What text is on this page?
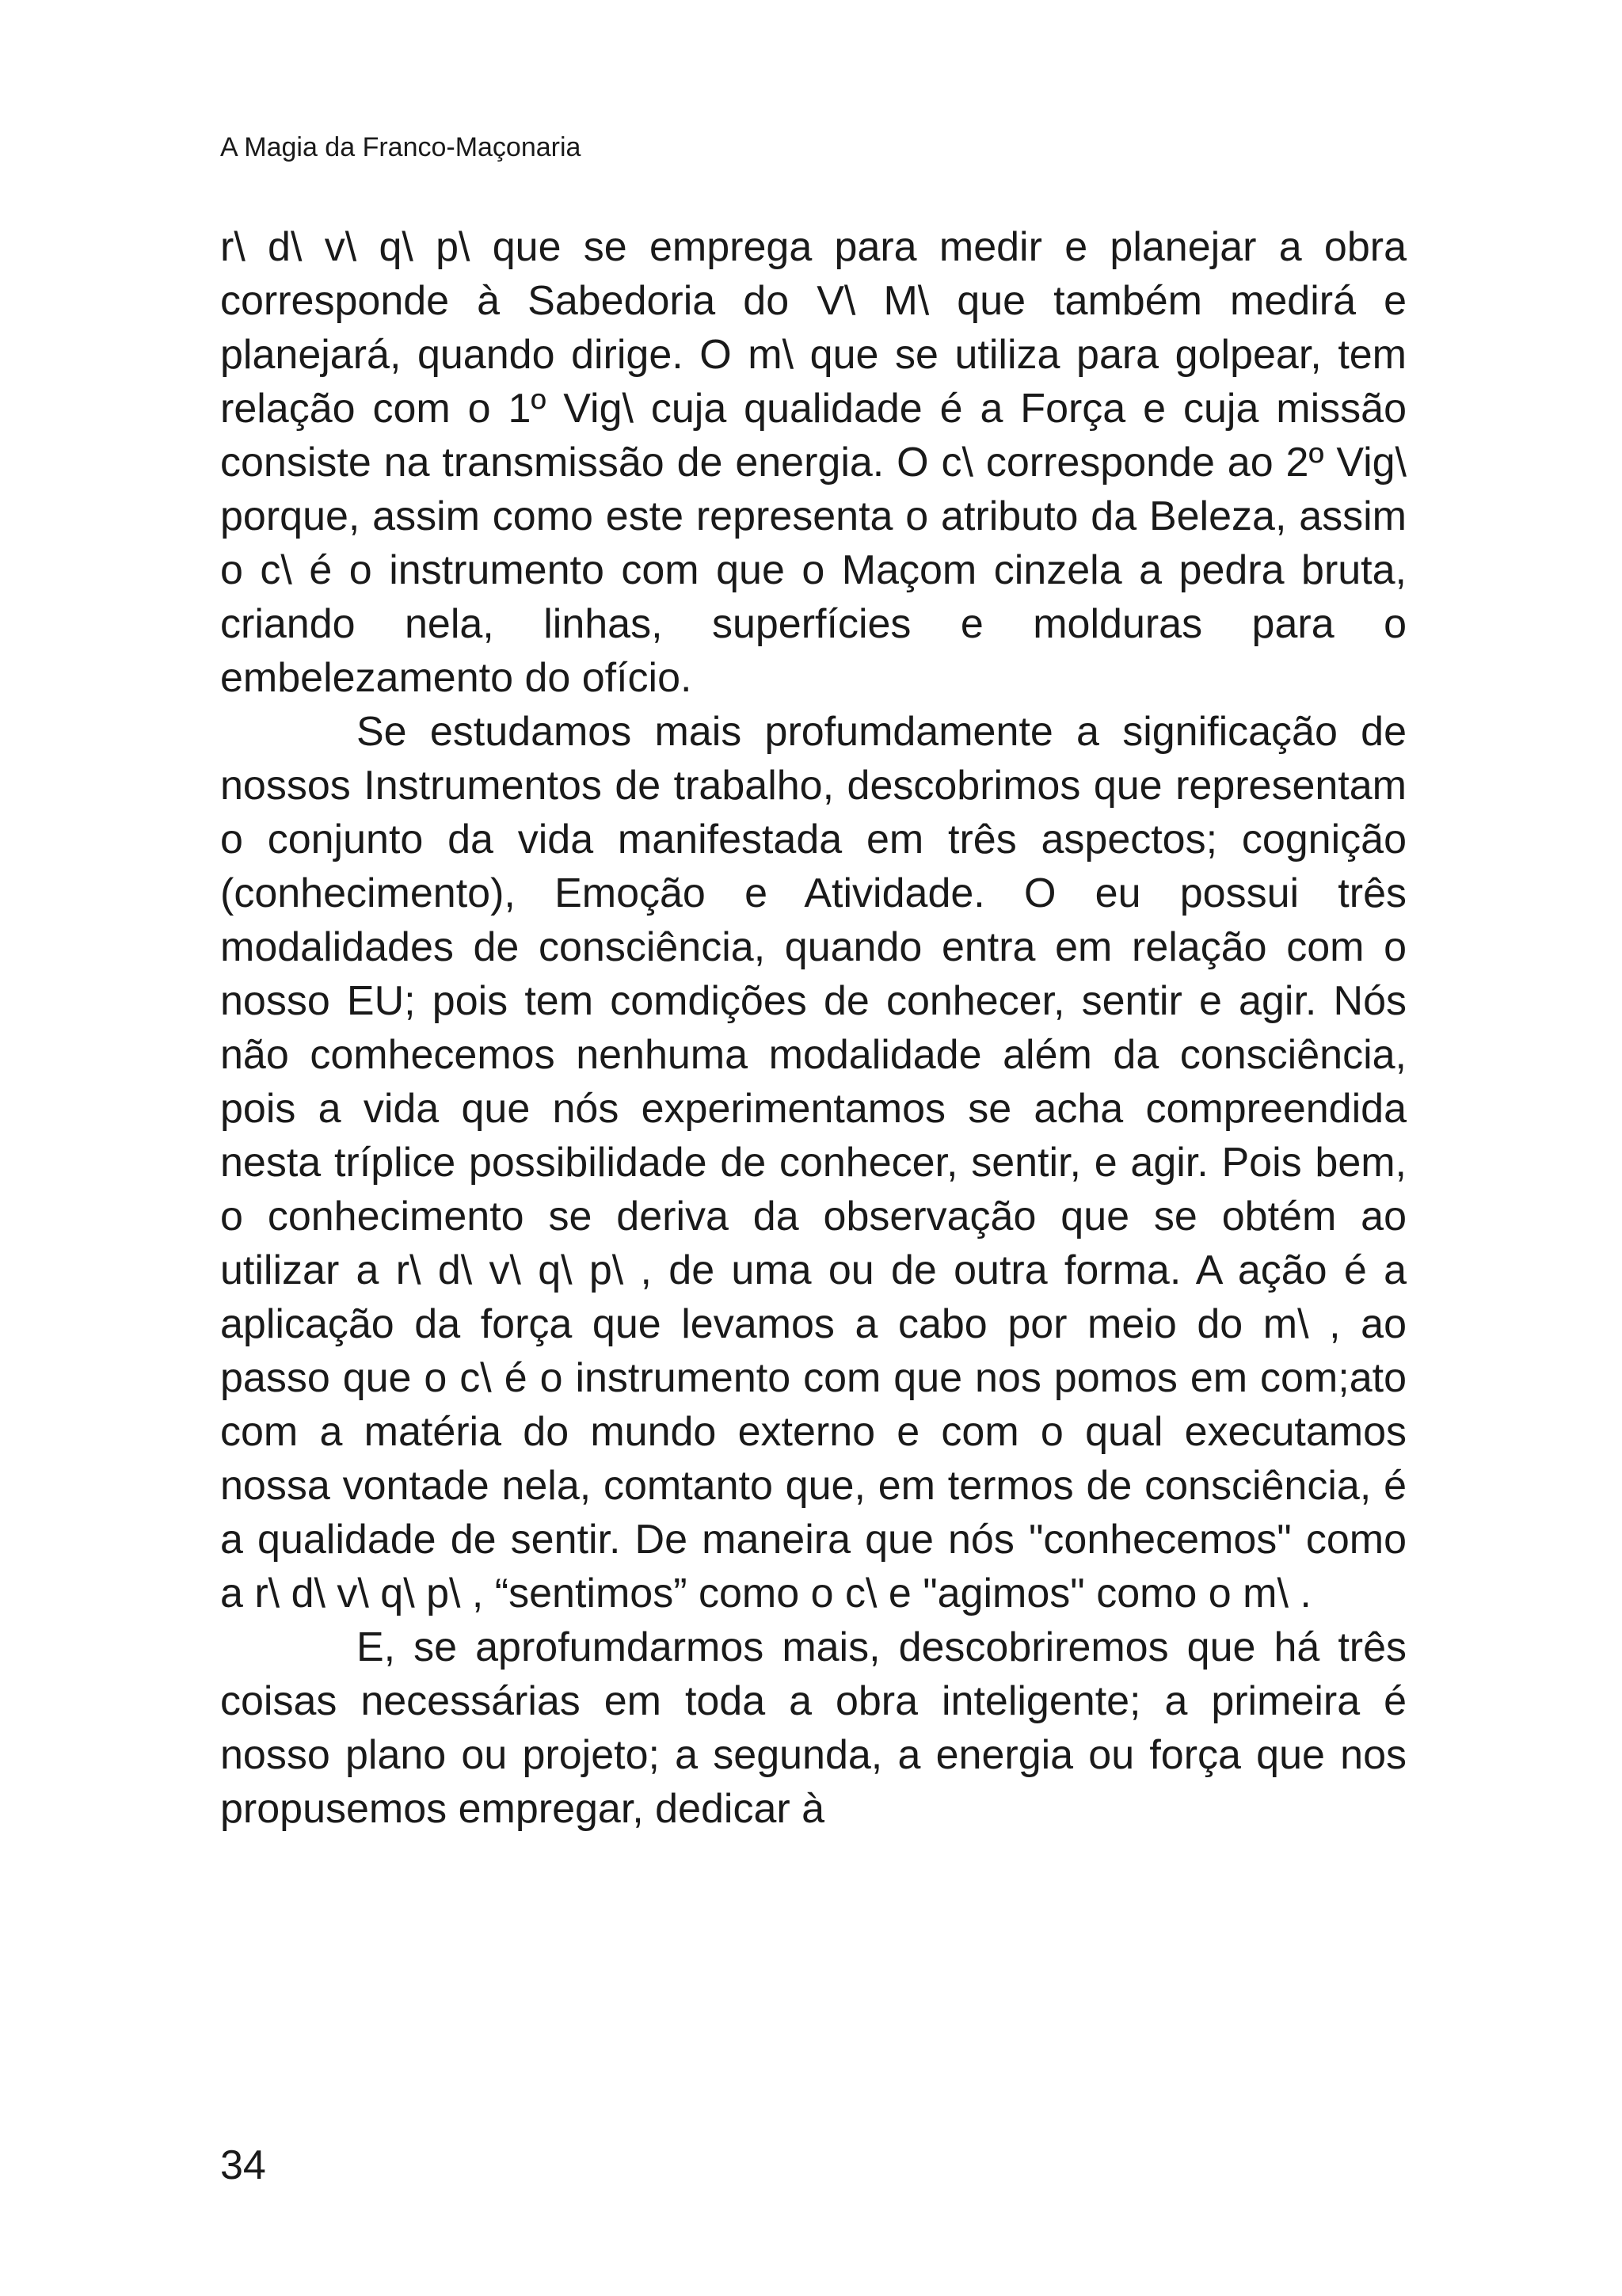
A Magia da Franco-Maçonaria

r\ d\ v\ q\ p\ que se emprega para medir e planejar a obra corresponde à Sabedoria do V\ M\ que também medirá e planejará, quando dirige. O m\ que se utiliza para golpear, tem relação com o 1º Vig\ cuja qualidade é a Força e cuja missão consiste na transmissão de energia. O c\ corresponde ao 2º Vig\ porque, assim como este representa o atributo da Beleza, assim o c\ é o instrumento com que o Maçom cinzela a pedra bruta, criando nela, linhas, superfícies e molduras para o embelezamento do ofício.

Se estudamos mais profumdamente a significação de nossos Instrumentos de trabalho, descobrimos que representam o conjunto da vida manifestada em três aspectos; cognição (conhecimento), Emoção e Atividade. O eu possui três modalidades de consciência, quando entra em relação com o nosso EU; pois tem comdições de conhecer, sentir e agir. Nós não comhecemos nenhuma modalidade além da consciência, pois a vida que nós experimentamos se acha compreendida nesta tríplice possibilidade de conhecer, sentir, e agir. Pois bem, o conhecimento se deriva da observação que se obtém ao utilizar a r\ d\ v\ q\ p\ , de uma ou de outra forma. A ação é a aplicação da força que levamos a cabo por meio do m\ , ao passo que o c\ é o instrumento com que nos pomos em com;ato com a matéria do mundo externo e com o qual executamos nossa vontade nela, comtanto que, em termos de consciência, é a qualidade de sentir. De maneira que nós "conhecemos" como a r\ d\ v\ q\ p\ , “sentimos” como o c\ e "agimos" como o m\ .

E, se aprofumdarmos mais, descobriremos que há três coisas necessárias em toda a obra inteligente; a primeira é nosso plano ou projeto; a segunda, a energia ou força que nos propusemos empregar, dedicar à

34
